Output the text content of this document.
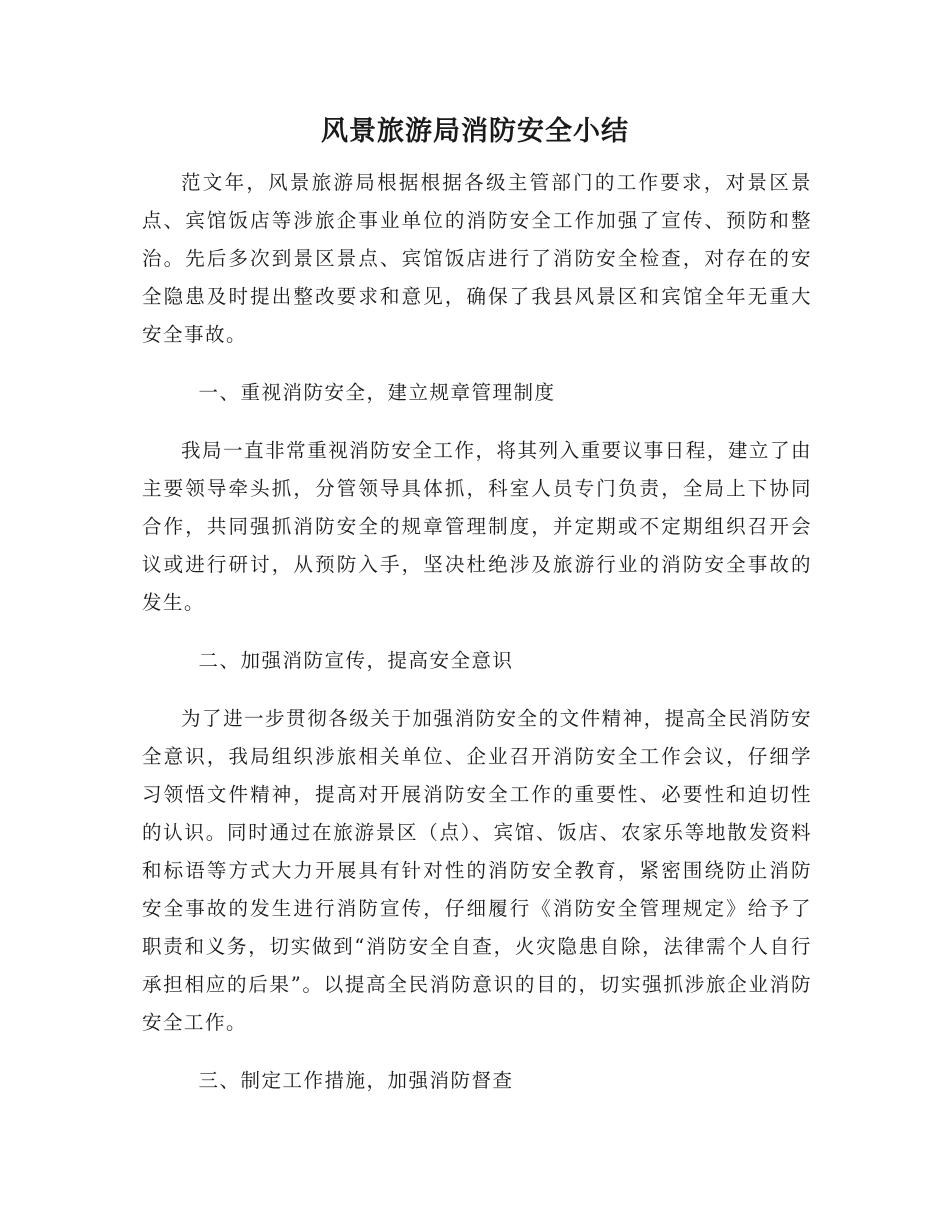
风景旅游局消防安全小结

范文年，风景旅游局根据根据各级主管部门的工作要求，对景区景点、宾馆饭店等涉旅企事业单位的消防安全工作加强了宣传、预防和整治。先后多次到景区景点、宾馆饭店进行了消防安全检查，对存在的安全隐患及时提出整改要求和意见，确保了我县风景区和宾馆全年无重大安全事故。

一、重视消防安全，建立规章管理制度

我局一直非常重视消防安全工作，将其列入重要议事日程，建立了由主要领导牵头抓，分管领导具体抓，科室人员专门负责，全局上下协同合作，共同强抓消防安全的规章管理制度，并定期或不定期组织召开会议或进行研讨，从预防入手，坚决杜绝涉及旅游行业的消防安全事故的发生。

二、加强消防宣传，提高安全意识

为了进一步贯彻各级关于加强消防安全的文件精神，提高全民消防安全意识，我局组织涉旅相关单位、企业召开消防安全工作会议，仔细学习领悟文件精神，提高对开展消防安全工作的重要性、必要性和迫切性的认识。同时通过在旅游景区（点）、宾馆、饭店、农家乐等地散发资料和标语等方式大力开展具有针对性的消防安全教育，紧密围绕防止消防安全事故的发生进行消防宣传，仔细履行《消防安全管理规定》给予了职责和义务，切实做到“消防安全自查，火灾隐患自除，法律需个人自行承担相应的后果”。以提高全民消防意识的目的，切实强抓涉旅企业消防安全工作。

三、制定工作措施，加强消防督查
